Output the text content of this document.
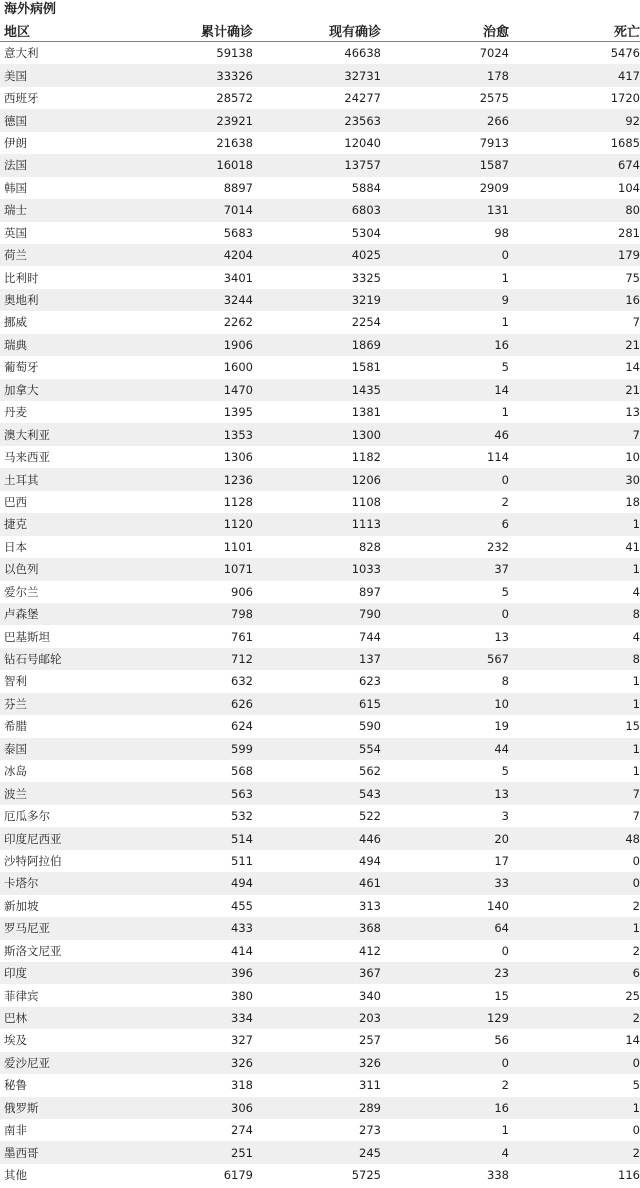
海外病例
地区	累计确诊	现有确诊	治愈	死亡
意大利	59138	46638	7024	5476
美国	33326	32731	178	417
西班牙	28572	24277	2575	1720
德国	23921	23563	266	92
伊朗	21638	12040	7913	1685
法国	16018	13757	1587	674
韩国	8897	5884	2909	104
瑞士	7014	6803	131	80
英国	5683	5304	98	281
荷兰	4204	4025	0	179
比利时	3401	3325	1	75
奥地利	3244	3219	9	16
挪威	2262	2254	1	7
瑞典	1906	1869	16	21
葡萄牙	1600	1581	5	14
加拿大	1470	1435	14	21
丹麦	1395	1381	1	13
澳大利亚	1353	1300	46	7
马来西亚	1306	1182	114	10
土耳其	1236	1206	0	30
巴西	1128	1108	2	18
捷克	1120	1113	6	1
日本	1101	828	232	41
以色列	1071	1033	37	1
爱尔兰	906	897	5	4
卢森堡	798	790	0	8
巴基斯坦	761	744	13	4
钻石号邮轮	712	137	567	8
智利	632	623	8	1
芬兰	626	615	10	1
希腊	624	590	19	15
泰国	599	554	44	1
冰岛	568	562	5	1
波兰	563	543	13	7
厄瓜多尔	532	522	3	7
印度尼西亚	514	446	20	48
沙特阿拉伯	511	494	17	0
卡塔尔	494	461	33	0
新加坡	455	313	140	2
罗马尼亚	433	368	64	1
斯洛文尼亚	414	412	0	2
印度	396	367	23	6
菲律宾	380	340	15	25
巴林	334	203	129	2
埃及	327	257	56	14
爱沙尼亚	326	326	0	0
秘鲁	318	311	2	5
俄罗斯	306	289	16	1
南非	274	273	1	0
墨西哥	251	245	4	2
其他	6179	5725	338	116
